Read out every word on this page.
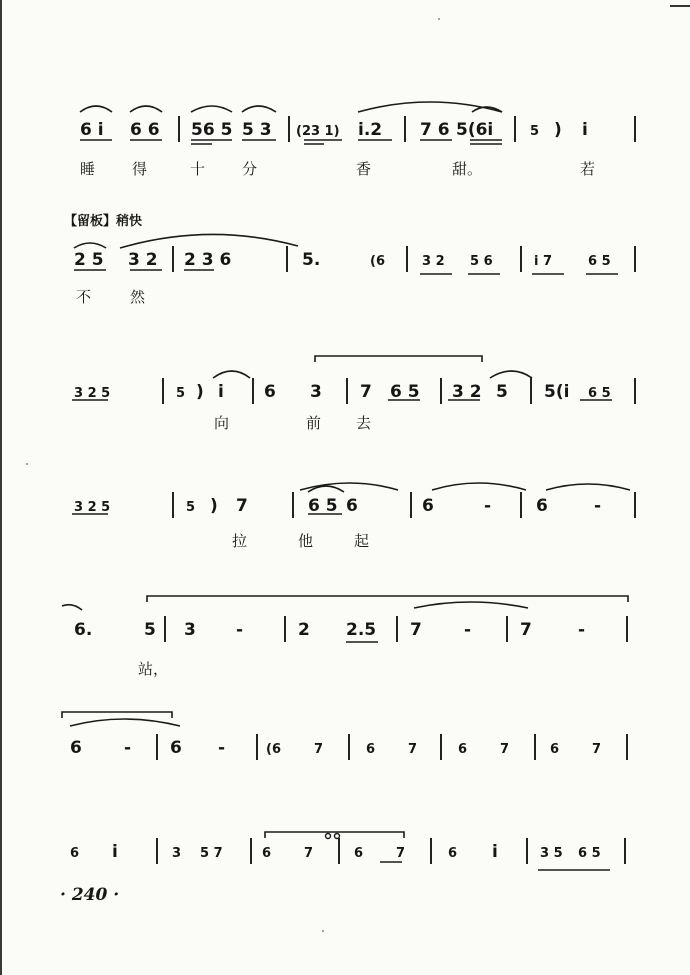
6 i 6 6 56 5 5 3 (23 1) i.2 7 6 5(6i	5 ) i
睡 得	十 分	香	甜。	若
【留板】稍快
2 5 3 2 2 3 6	5.	(6	3 2 5 6	i 7	6 5
不	然
3 2 5	5 ) i 6 3 7 6 5 3 2 5 5(i 6 5
向	前 去
3 2 5	5 ) 7	6 5 6	6	-	6	-
拉	他	起
6.	5 3 -	2 2.5 7 -	7	-
站，
6 - 6 -	(6	7	6	7	6	7	6	7
6 i	3 5 7	6	7	6	7	6 i	3 5 6 5
· 240 ·
